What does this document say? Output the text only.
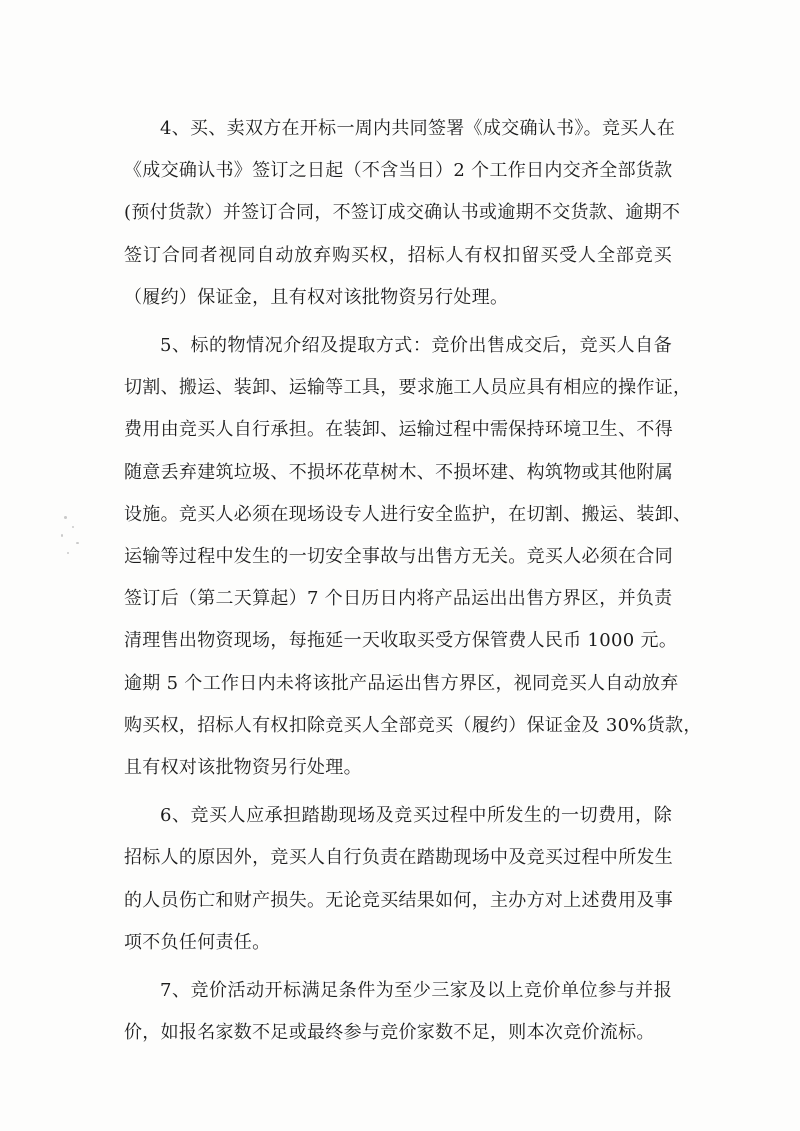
4、买、卖双方在开标一周内共同签署《成交确认书》。竞买人在
《成交确认书》签订之日起（不含当日）2 个工作日内交齐全部货款
(预付货款）并签订合同，不签订成交确认书或逾期不交货款、逾期不
签订合同者视同自动放弃购买权，招标人有权扣留买受人全部竞买
（履约）保证金，且有权对该批物资另行处理。

5、标的物情况介绍及提取方式：竞价出售成交后，竞买人自备
切割、搬运、装卸、运输等工具，要求施工人员应具有相应的操作证，
费用由竞买人自行承担。在装卸、运输过程中需保持环境卫生、不得
随意丢弃建筑垃圾、不损坏花草树木、不损坏建、构筑物或其他附属
设施。竞买人必须在现场设专人进行安全监护，在切割、搬运、装卸、
运输等过程中发生的一切安全事故与出售方无关。竞买人必须在合同
签订后（第二天算起）7 个日历日内将产品运出出售方界区，并负责
清理售出物资现场，每拖延一天收取买受方保管费人民币 1000 元。
逾期 5 个工作日内未将该批产品运出售方界区，视同竞买人自动放弃
购买权，招标人有权扣除竞买人全部竞买（履约）保证金及 30%货款，
且有权对该批物资另行处理。

6、竞买人应承担踏勘现场及竞买过程中所发生的一切费用，除
招标人的原因外，竞买人自行负责在踏勘现场中及竞买过程中所发生
的人员伤亡和财产损失。无论竞买结果如何，主办方对上述费用及事
项不负任何责任。

7、竞价活动开标满足条件为至少三家及以上竞价单位参与并报
价，如报名家数不足或最终参与竞价家数不足，则本次竞价流标。
